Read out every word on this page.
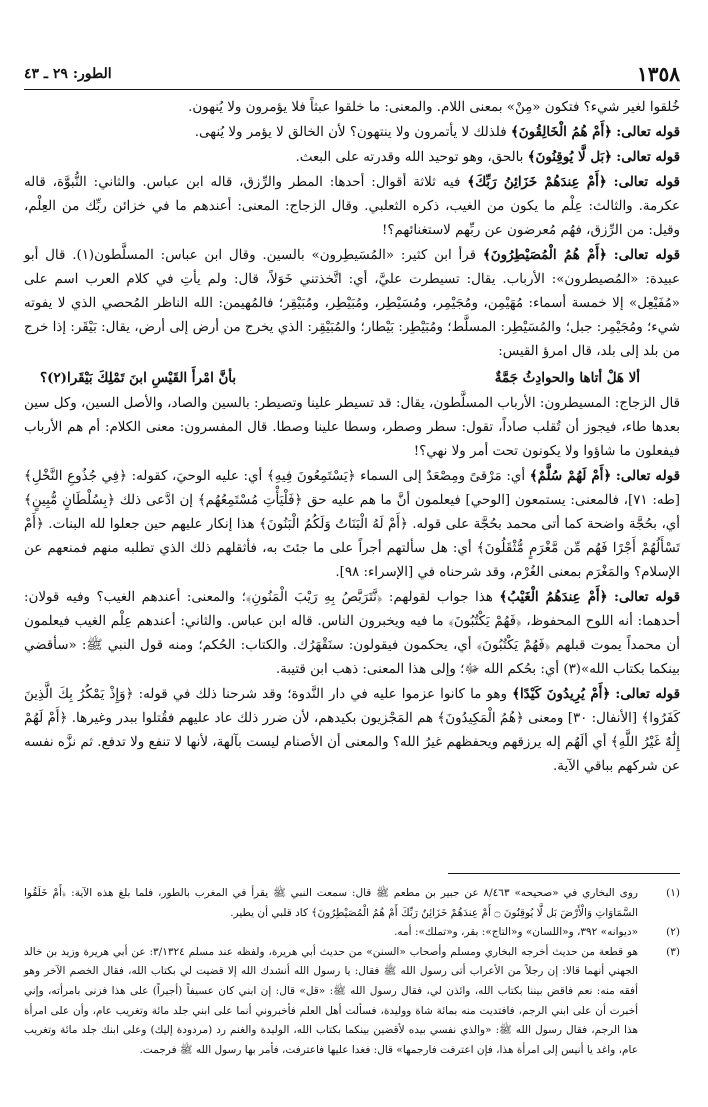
١٣٥٨
الطور: ٢٩ ـ ٤٣

خُلقوا لغير شيء؟ فتكون «مِنْ» بمعنى اللام. والمعنى: ما خلقوا عبثاً فلا يؤمرون ولا يُنهون.

قوله تعالى: ﴿أَمْ هُمُ الْخَالِقُونَ﴾ فلذلك لا يأتمرون ولا ينتهون؟ لأن الخالق لا يؤمر ولا يُنهى.

قوله تعالى: ﴿بَل لَّا يُوقِنُونَ﴾ بالحق، وهو توحيد الله وقدرته على البعث.

قوله تعالى: ﴿أَمْ عِندَهُمْ خَزَائِنُ رَبِّكَ﴾ فيه ثلاثة أقوال: أحدها: المطر والرِّزق، قاله ابن عباس. والثاني: النُّبوَّة، قاله عكرمة. والثالث: عِلْم ما يكون من الغيب، ذكره الثعلبي. وقال الزجاج: المعنى: أعندهم ما في خزائن ربِّك من العِلْم، وقيل: من الرِّزق، فهُم مُعرضون عن ربِّهم لاستغنائهم؟!

قوله تعالى: ﴿أَمْ هُمُ الْمُصَيْطِرُونَ﴾ قرأ ابن كثير: «المُسَيطِرون» بالسين. وقال ابن عباس: المسلَّطون(١). قال أبو عبيدة: «المُصيطرون»: الأرباب. يقال: تسيطرت عليَّ، أي: اتَّخذتني خَوَلاً، قال: ولم يأتِ في كلام العرب اسم على «مُفَيْعِل» إلا خمسة أسماء: مُهَيْمِن، ومُجَيْمِر، ومُسَيْطِر، ومُبَيْطِر، ومُبَيْقِر؛ فالمُهيمن: الله الناظر المُحصي الذي لا يفوته شيء؛ ومُجَيْمِر: جبل؛ والمُسَيْطِر: المسلَّط؛ ومُبَيْطِر: بَيْطار؛ والمُبَيْقِر: الذي يخرج من أرض إلى أرض، يقال: بَيْقَر: إذا خرج من بلد إلى بلد، قال امرؤ القيس:

ألا هَلْ أتاها والحوادِثُ جَمَّةٌ
بأنَّ امْرأَ القَيْسِ ابنَ تَمْلِكَ بَيْقَرا(٢)؟

قال الزجاج: المسيطرون: الأرباب المسلَّطون، يقال: قد تسيطر علينا وتصيطر: بالسين والصاد، والأصل السين، وكل سين بعدها طاء، فيجوز أن تُقلب صاداً، تقول: سطر وصطر، وسطا علينا وصطا. قال المفسرون: معنى الكلام: أم هم الأرباب فيفعلون ما شاؤوا ولا يكونون تحت أمر ولا نهي؟!

قوله تعالى: ﴿أَمْ لَهُمْ سُلَّمٌ﴾ أي: مَرْقىً ومِصْعَدٌ إلى السماء ﴿يَسْتَمِعُونَ فِيهِ﴾ أي: عليه الوحيَ، كقوله: ﴿فِي جُذُوعِ النَّخْلِ﴾ [طه: ٧١]، فالمعنى: يستمعون [الوحي] فيعلمون أنَّ ما هم عليه حق ﴿فَلْيَأْتِ مُسْتَمِعُهُم﴾ إن ادَّعى ذلك ﴿بِسُلْطَانٍ مُّبِينٍ﴾ أي، بحُجَّة واضحة كما أتى محمد بحُجَّة على قوله. ﴿أَمْ لَهُ الْبَنَاتُ وَلَكُمُ الْبَنُونَ﴾ هذا إنكار عليهم حين جعلوا لله البنات. ﴿أَمْ تَسْأَلُهُمْ أَجْرًا فَهُم مِّن مَّغْرَمٍ مُّثْقَلُونَ﴾ أي: هل سألتهم أجراً على ما جئتَ به، فأثقلهم ذلك الذي تطلبه منهم فمنعهم عن الإسلام؟ والمَغْرَم بمعنى الغُرْم، وقد شرحناه في [الإسراء: ٩٨].

قوله تعالى: ﴿أَمْ عِندَهُمُ الْغَيْبُ﴾ هذا جواب لقولهم: ﴿نَّتَرَبَّصُ بِهِ رَيْبَ الْمَنُونِ﴾؛ والمعنى: أعندهم الغيب؟ وفيه قولان: أحدهما: أنه اللوح المحفوظ، ﴿فَهُمْ يَكْتُبُونَ﴾ ما فيه ويخبرون الناس. قاله ابن عباس. والثاني: أعندهم عِلْم الغيب فيعلمون أن محمداً يموت قبلهم ﴿فَهُمْ يَكْتُبُونَ﴾ أي، يحكمون فيقولون: سنَقْهَرُك. والكتاب: الحُكم؛ ومنه قول النبي ﷺ: «سأقضي بينكما بكتاب الله»(٣) أي: بحُكم الله ﷻ؛ وإلى هذا المعنى: ذهب ابن قتيبة.

قوله تعالى: ﴿أَمْ يُرِيدُونَ كَيْدًا﴾ وهو ما كانوا عزموا عليه في دار النَّدوة؛ وقد شرحنا ذلك في قوله: ﴿وَإِذْ يَمْكُرُ بِكَ الَّذِينَ كَفَرُوا﴾ [الأنفال: ٣٠] ومعنى ﴿هُمُ الْمَكِيدُونَ﴾ هم المَجْزيون بكيدهم، لأن ضرر ذلك عاد عليهم فقُتلوا ببدر وغيرها. ﴿أَمْ لَهُمْ إِلَٰهٌ غَيْرُ اللَّهِ﴾ أي ألَهُم إله يرزقهم ويحفظهم غيرُ الله؟ والمعنى أن الأصنام ليست بآلهة، لأنها لا تنفع ولا تدفع. ثم نزَّه نفسه عن شركهم بباقي الآية.

(١)
روى البخاري في «صحيحه» ٨/٤٦٣ عن جبير بن مطعم ﷺ قال: سمعت النبي ﷺ يقرأ في المغرب بالطور، فلما بلغ هذه الآية: ﴿أَمْ خَلَقُوا السَّمَاوَاتِ وَالْأَرْضَ بَل لَّا يُوقِنُونَ ۝ أَمْ عِندَهُمْ خَزَائِنُ رَبِّكَ أَمْ هُمُ الْمُصَيْطِرُونَ﴾ كاد قلبي أن يطير.

(٢)
«ديوانه» ٣٩٢، و«اللسان» و«التاج»: بقر، و«تملك»: أمه.

(٣)
هو قطعة من حديث أخرجه البخاري ومسلم وأصحاب «السنن» من حديث أبي هريرة، ولفظه عند مسلم ٣/١٣٢٤: عن أبي هريرة وزيد بن خالد الجهني أنهما قالا: إن رجلاً من الأعراب أتى رسول الله ﷺ فقال: يا رسول الله أنشدك الله إلا قضيت لي بكتاب الله، فقال الخصم الآخر وهو أفقه منه: نعم فاقض بيننا بكتاب الله، وائذن لي، فقال رسول الله ﷺ: «قل» قال: إن ابني كان عسيفاً (أجيراً) على هذا فزنى بامرأته، وإني أخبرت أن على ابني الرجم، فافتديت منه بمائة شاة ووليدة، فسألت أهل العلم فأخبروني أنما على ابني جلد مائة وتغريب عام، وأن على امرأة هذا الرجم، فقال رسول الله ﷺ: «والذي نفسي بيده لأقضين بينكما بكتاب الله، الوليدة والغنم رد (مردودة إليك) وعلى ابنك جلد مائة وتغريب عام، واغد يا أنيس إلى امرأة هذا، فإن اعترفت فارجمها» قال: فغدا عليها فاعترفت، فأمر بها رسول الله ﷺ فرجمت.
